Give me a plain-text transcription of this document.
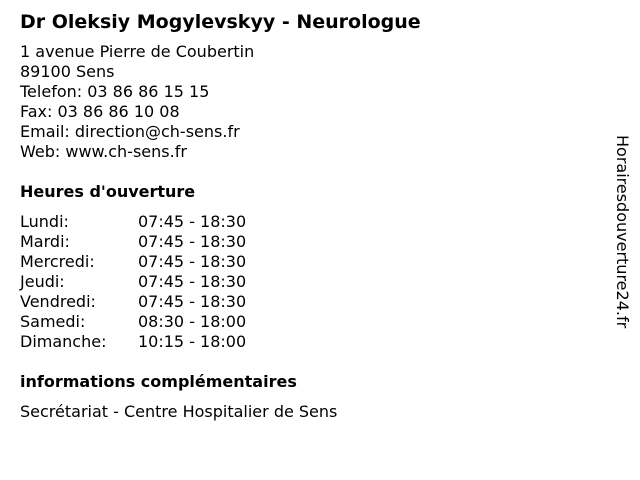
Dr Oleksiy Mogylevskyy - Neurologue
1 avenue Pierre de Coubertin
89100 Sens
Telefon: 03 86 86 15 15
Fax: 03 86 86 10 08
Email: direction@ch-sens.fr
Web: www.ch-sens.fr
Heures d'ouverture
Lundi:	07:45 - 18:30
Mardi:	07:45 - 18:30
Mercredi:	07:45 - 18:30
Jeudi:	07:45 - 18:30
Vendredi:	07:45 - 18:30
Samedi:	08:30 - 18:00
Dimanche:	10:15 - 18:00
informations complémentaires
Secrétariat - Centre Hospitalier de Sens
Horairesdouverture24.fr
